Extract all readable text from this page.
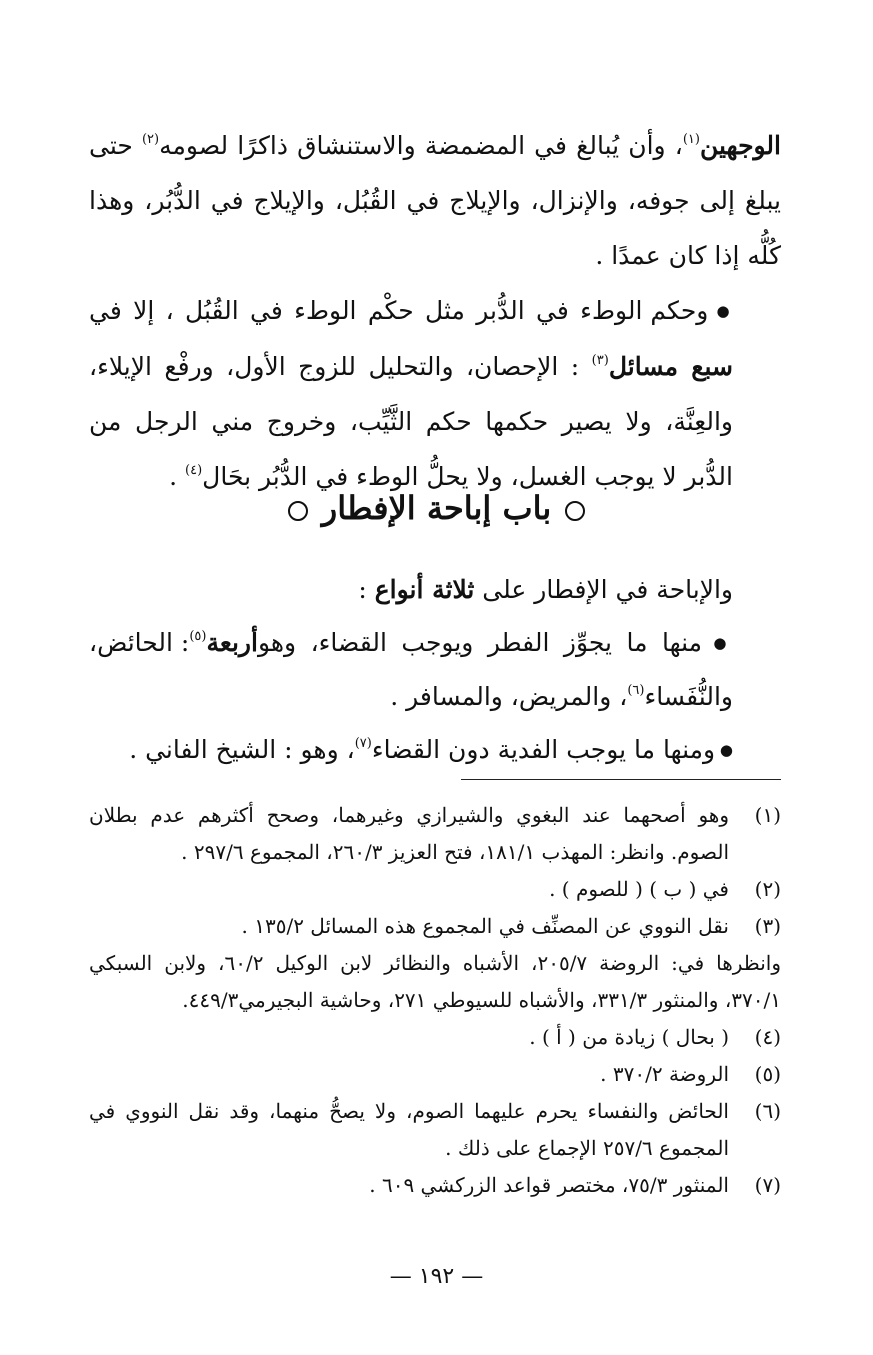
الوجهين$^{(١)}$، وأن يُبالغ في المضمضة والاستنشاق ذاكرًا لصومه$^{(٢)}$ حتى يبلغ إلى جوفه، والإنزال، والإيلاج في القُبُل، والإيلاج في الدُّبُر، وهذا كُلُّه إذا كان عمدًا .

● وحكم الوطء في الدُّبر مثل حكْم الوطء في القُبُل ، إلا في سبع مسائل$^{(٣)}$ : الإحصان، والتحليل للزوج الأول، ورفْع الإيلاء، والعِنَّة، ولا يصير حكمها حكم الثَّيِّب، وخروج مني الرجل من الدُّبر لا يوجب الغسل، ولا يحلُّ الوطء في الدُّبُر بحَال$^{(٤)}$ .

باب إباحة الإفطار

والإباحة في الإفطار على ثلاثة أنواع :

● منها ما يجوِّز الفطر ويوجب القضاء، وهوأربعة$^{(٥)}$: الحائض، والنُّفَساء$^{(٦)}$، والمريض، والمسافر .

● ومنها ما يوجب الفدية دون القضاء$^{(٧)}$، وهو : الشيخ الفاني .

(١)
وهو أصحهما عند البغوي والشيرازي وغيرهما، وصحح أكثرهم عدم بطلان الصوم. وانظر: المهذب ١٨١/١، فتح العزيز ٢٦٠/٣، المجموع ٢٩٧/٦ .
(٢)
في ( ب ) ( للصوم ) .
(٣)
نقل النووي عن المصنِّف في المجموع هذه المسائل ١٣٥/٢ .
وانظرها في: الروضة ٢٠٥/٧، الأشباه والنظائر لابن الوكيل ٦٠/٢، ولابن السبكي ٣٧٠/١، والمنثور ٣٣١/٣، والأشباه للسيوطي ٢٧١، وحاشية البجيرمي٤٤٩/٣.
(٤)
( بحال ) زيادة من ( أ ) .
(٥)
الروضة ٣٧٠/٢ .
(٦)
الحائض والنفساء يحرم عليهما الصوم، ولا يصحُّ منهما، وقد نقل النووي في المجموع ٢٥٧/٦ الإجماع على ذلك .
(٧)
المنثور ٧٥/٣، مختصر قواعد الزركشي ٦٠٩ .
— ١٩٢ —
